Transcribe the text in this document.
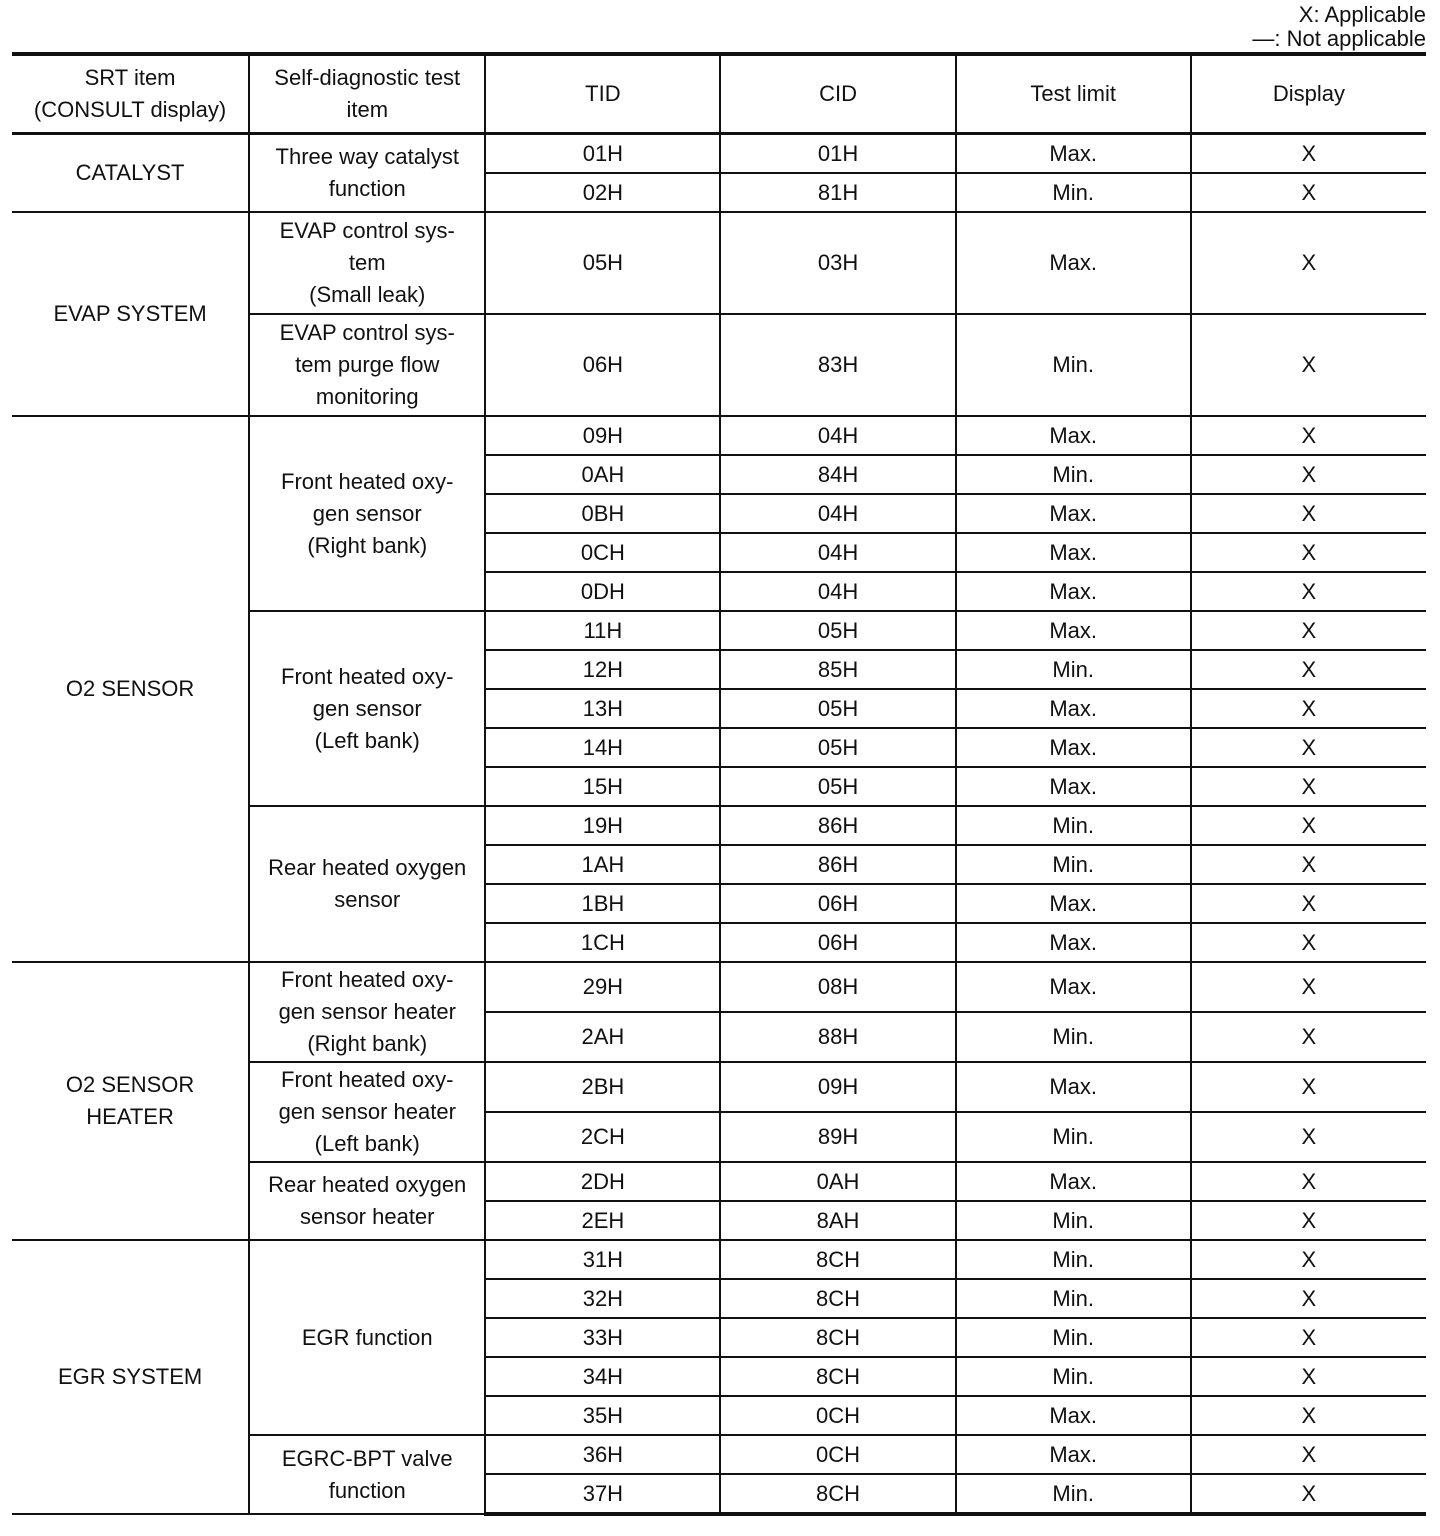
X: Applicable
—: Not applicable
SRT item
(CONSULT display)	Self-diagnostic test
item	TID	CID	Test limit	Display
CATALYST	Three way catalyst
function	01H	01H	Max.	X
		02H	81H	Min.	X
EVAP SYSTEM	EVAP control sys-
tem
(Small leak)	05H	03H	Max.	X

	EVAP control sys-
tem purge flow
monitoring	06H	83H	Min.	X
O2 SENSOR	Front heated oxy-
gen sensor
(Right bank)	09H	04H	Max.	X
		0AH	84H	Min.	X
		0BH	04H	Max.	X
		0CH	04H	Max.	X
		0DH	04H	Max.	X

	Front heated oxy-
gen sensor
(Left bank)	11H	05H	Max.	X
		12H	85H	Min.	X
		13H	05H	Max.	X
		14H	05H	Max.	X
		15H	05H	Max.	X

	Rear heated oxygen
sensor	19H	86H	Min.	X
		1AH	86H	Min.	X
		1BH	06H	Max.	X
		1CH	06H	Max.	X

O2 SENSOR
HEATER	Front heated oxy-
gen sensor heater
(Right bank)	29H	08H	Max.	X
		2AH	88H	Min.	X

	Front heated oxy-
gen sensor heater
(Left bank)	2BH	09H	Max.	X
		2CH	89H	Min.	X

	Rear heated oxygen
sensor heater	2DH	0AH	Max.	X
		2EH	8AH	Min.	X
EGR SYSTEM	EGR function	31H	8CH	Min.	X
		32H	8CH	Min.	X
		33H	8CH	Min.	X
		34H	8CH	Min.	X
		35H	0CH	Max.	X

	EGRC-BPT valve
function	36H	0CH	Max.	X
		37H	8CH	Min.	X
